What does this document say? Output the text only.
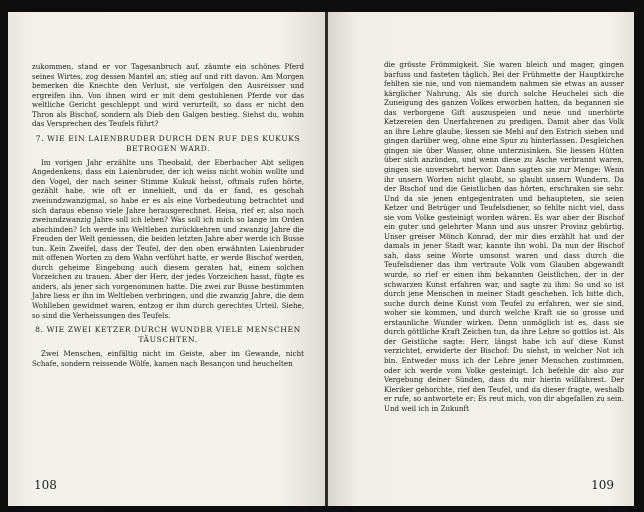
zukommen, stand er vor Tagesanbruch auf, zäumte ein schönes Pferd seines Wirtes, zog dessen Mantel an, stieg auf und ritt davon. Am Morgen bemerken die Knechte den Verlust, sie verfolgen den Ausreisser und ergreifen ihn. Von ihnen wird er mit dem gestohlenen Pferde vor das weltliche Gericht geschleppt und wird verurteilt, so dass er nicht den Thron als Bischof, sondern als Dieb den Galgen bestieg. Siehst du, wohin das Versprechen des Teufels führt?

7. WIE EIN LAIENBRUDER DURCH DEN RUF DES KUKUKS BETROGEN WARD.

Im vorigen Jahr erzählte uns Theobald, der Eberbacher Abt seligen Angedenkens, dass ein Laienbruder, der ich weiss nicht wohin wollte und den Vogel, der nach seiner Stimme Kukuk heisst, oftmals rufen hörte, gezählt habe, wie oft er innehielt, und da er fand, es geschah zweiundzwanzigmal, so habe er es als eine Vorbedeutung betrachtet und sich daraus ebenso viele Jahre herausgerechnet. Heisa, rief er, also noch zweiundzwanzig Jahre soll ich leben? Was soll ich mich so lange im Orden abschinden? Ich werde ins Weltleben zurückkehren und zwanzig Jahre die Freuden der Welt geniessen, die beiden letzten Jahre aber werde ich Busse tun. Kein Zweifel, dass der Teufel, der den oben erwähnten Laienbruder mit offenen Worten zu dem Wahn verführt hatte, er werde Bischof werden, durch geheime Eingebung auch diesem geraten hat, einem solchen Vorzeichen zu trauen. Aber der Herr, der jedes Vorzeichen hasst, fügte es anders, als jener sich vorgenommen hatte. Die zwei zur Busse bestimmten Jahre liess er ihn im Weltleben verbringen, und die zwanzig Jahre, die dem Wohlleben gewidmet waren, entzog er ihm durch gerechtes Urteil. Siehe, so sind die Verheissungen des Teufels.

8. WIE ZWEI KETZER DURCH WUNDER VIELE MENSCHEN TÄUSCHTEN.

Zwei Menschen, einfältig nicht im Geiste, aber im Gewande, nicht Schafe, sondern reissende Wölfe, kamen nach Besançon und heuchelten

108

die grösste Frömmigkeit. Sie waren bleich und mager, gingen barfuss und fasteten täglich. Bei der Frühmette der Hauptkirche fehlten sie nie, und von niemandem nahmen sie etwas an ausser kärglicher Nahrung. Als sie durch solche Heuchelei sich die Zuneigung des ganzen Volkes erworben hatten, da begannen sie das verborgene Gift auszuspeien und neue und unerhörte Ketzereien den Unerfahrenen zu predigen. Damit aber das Volk an ihre Lehre glaube, liessen sie Mehl auf den Estrich sieben und gingen darüber weg, ohne eine Spur zu hinterlassen. Desgleichen gingen sie über Wasser, ohne unterzusinken. Sie liessen Hütten über sich anzünden, und wenn diese zu Asche verbrannt waren, gingen sie unversehrt hervor. Dann sagten sie zur Menge: Wenn ihr unsern Worten nicht glaubt, so glaubt unsern Wundern. Da der Bischof und die Geistlichen das hörten, erschraken sie sehr. Und da sie jenen entgegentraten und behaupteten, sie seien Ketzer und Betrüger und Teufelsdiener, so fehlte nicht viel, dass sie vom Volke gesteinigt worden wären. Es war aber der Bischof ein guter und gelehrter Mann und aus unsrer Provinz gebürtig. Unser greiser Mönch Konrad, der mir dies erzählt hat und der damals in jener Stadt war, kannte ihn wohl. Da nun der Bischof sah, dass seine Worte umsonst waren und dass durch die Teufelsdiener das ihm vertraute Volk vom Glauben abgewandt wurde, so rief er einen ihm bekannten Geistlichen, der in der schwarzen Kunst erfahren war, und sagte zu ihm: So und so ist durch jene Menschen in meiner Stadt geschehen. Ich bitte dich, suche durch deine Kunst vom Teufel zu erfahren, wer sie sind, woher sie kommen, und durch welche Kraft sie so grosse und erstaunliche Wunder wirken. Denn unmöglich ist es, dass sie durch göttliche Kraft Zeichen tun, da ihre Lehre so gottlos ist. Als der Geistliche sagte: Herr, längst habe ich auf diese Kunst verzichtet, erwiderte der Bischof: Du siehst, in welcher Not ich bin. Entweder muss ich der Lehre jener Menschen zustimmen, oder ich werde vom Volke gesteinigt. Ich befehle dir also zur Vergebung deiner Sünden, dass du mir hierin willfahrest. Der Kleriker gehorchte, rief den Teufel, und da dieser fragte, weshalb er rufe, so antwortete er: Es reut mich, von dir abgefallen zu sein. Und weil ich in Zukunft

109
